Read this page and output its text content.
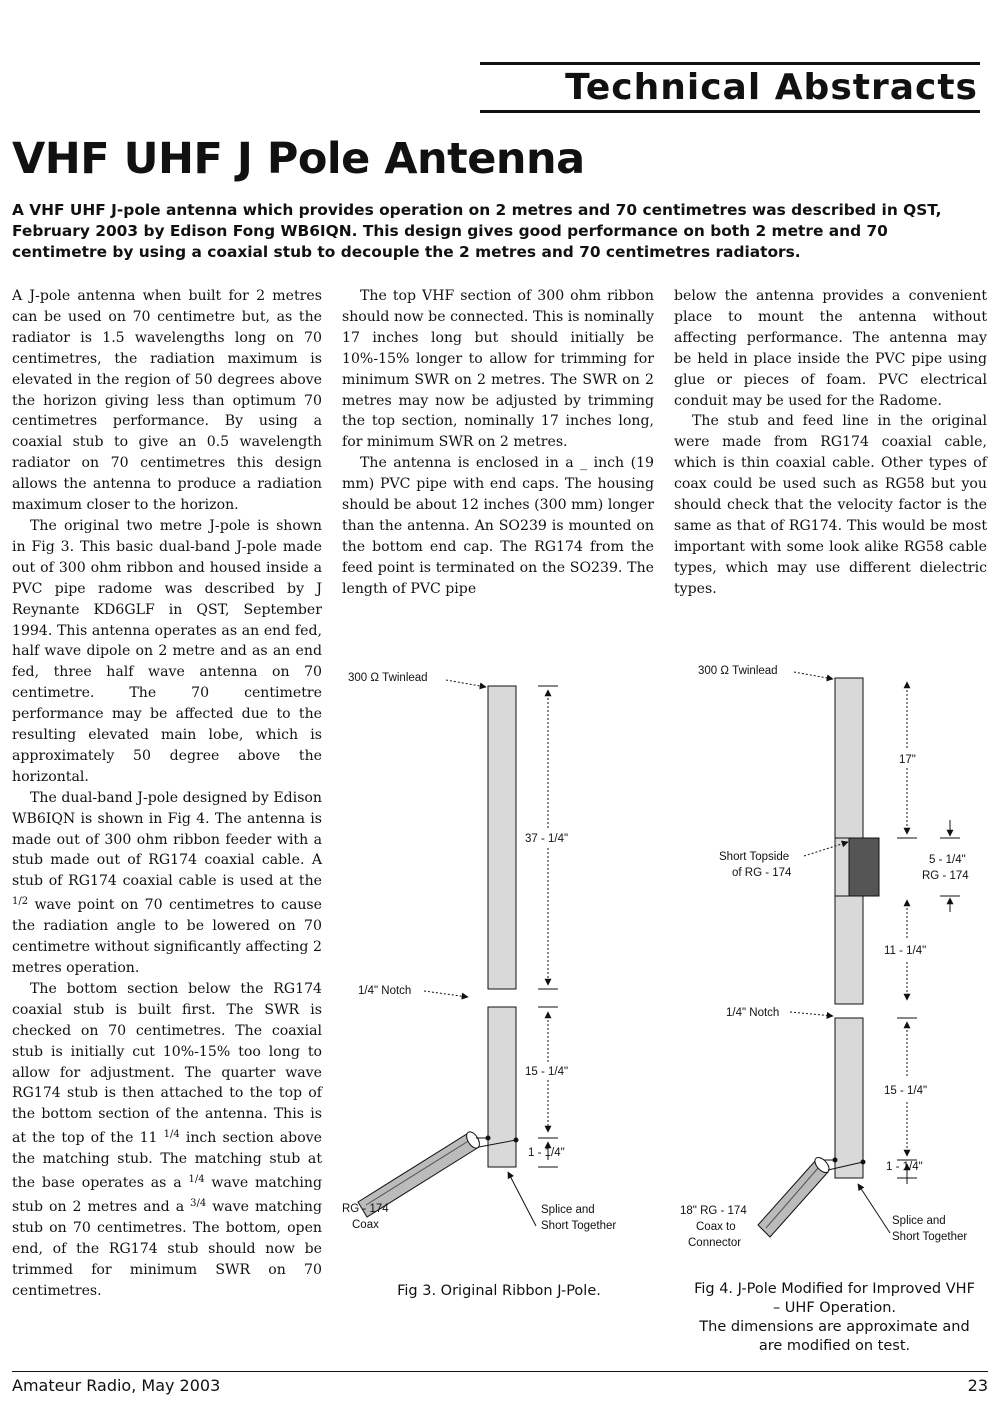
Technical Abstracts
VHF UHF J Pole Antenna

A VHF UHF J-pole antenna which provides operation on 2 metres and 70 centimetres was described in QST, February 2003 by Edison Fong WB6IQN. This design gives good performance on both 2 metre and 70 centimetre by using a coaxial stub to decouple the 2 metres and 70 centimetres radiators.

A J-pole antenna when built for 2 metres can be used on 70 centimetre but, as the radiator is 1.5 wavelengths long on 70 centimetres, the radiation maximum is elevated in the region of 50 degrees above the horizon giving less than optimum 70 centimetres performance. By using a coaxial stub to give an 0.5 wavelength radiator on 70 centimetres this design allows the antenna to produce a radiation maximum closer to the horizon.

The original two metre J-pole is shown in Fig 3. This basic dual-band J-pole made out of 300 ohm ribbon and housed inside a PVC pipe radome was described by J Reynante KD6GLF in QST, September 1994. This antenna operates as an end fed, half wave dipole on 2 metre and as an end fed, three half wave antenna on 70 centimetre. The 70 centimetre performance may be affected due to the resulting elevated main lobe, which is approximately 50 degree above the horizontal.

The dual-band J-pole designed by Edison WB6IQN is shown in Fig 4. The antenna is made out of 300 ohm ribbon feeder with a stub made out of RG174 coaxial cable. A stub of RG174 coaxial cable is used at the $^{1/2}$ wave point on 70 centimetres to cause the radiation angle to be lowered on 70 centimetre without significantly affecting 2 metres operation.

The bottom section below the RG174 coaxial stub is built first. The SWR is checked on 70 centimetres. The coaxial stub is initially cut 10%-15% too long to allow for adjustment. The quarter wave RG174 stub is then attached to the top of the bottom section of the antenna. This is at the top of the 11 $^{1/4}$ inch section above the matching stub. The matching stub at the base operates as a $^{1/4}$ wave matching stub on 2 metres and a $^{3/4}$ wave matching stub on 70 centimetres. The bottom, open end, of the RG174 stub should now be trimmed for minimum SWR on 70 centimetres.

The top VHF section of 300 ohm ribbon should now be connected. This is nominally 17 inches long but should initially be 10%-15% longer to allow for trimming for minimum SWR on 2 metres. The SWR on 2 metres may now be adjusted by trimming the top section, nominally 17 inches long, for minimum SWR on 2 metres.

The antenna is enclosed in a _ inch (19 mm) PVC pipe with end caps. The housing should be about 12 inches (300 mm) longer than the antenna. An SO239 is mounted on the bottom end cap. The RG174 from the feed point is terminated on the SO239. The length of PVC pipe

below the antenna provides a convenient place to mount the antenna without affecting performance. The antenna may be held in place inside the PVC pipe using glue or pieces of foam. PVC electrical conduit may be used for the Radome.

The stub and feed line in the original were made from RG174 coaxial cable, which is thin coaxial cable. Other types of coax could be used such as RG58 but you should check that the velocity factor is the same as that of RG174. This would be most important with some look alike RG58 cable types, which may use different dielectric types.

300 Ω Twinlead
37 - 1/4"
1/4" Notch
15 - 1/4"
1 - 1/4"
RG - 174
Coax
Splice and
Short Together
Fig 3. Original Ribbon J-Pole.
300 Ω Twinlead
17"
Short Topside
of RG - 174
5 - 1/4"
RG - 174
11 - 1/4"
1/4" Notch
15 - 1/4"
1 - 1/4"
18" RG - 174
Coax to
Connector
Splice and
Short Together
Fig 4. J-Pole Modified for Improved VHF
– UHF Operation.
The dimensions are approximate and
are modified on test.
Amateur Radio, May 2003	23
